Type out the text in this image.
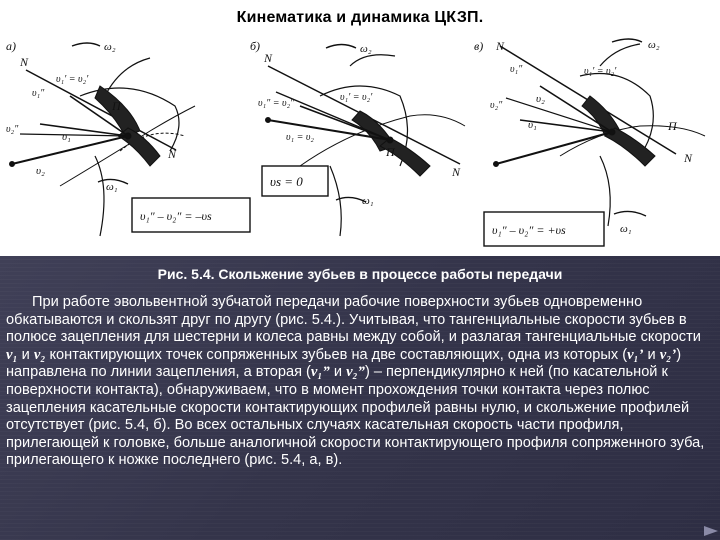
Кинематика и динамика ЦКЗП.
а)
N
N
ω₂
ω₁
П
υ₁
υ₂
υ₁′ = υ₂′
υ₁″
υ₂″
υ₁″ – υ₂″ = –υs
б)
N
N
ω₂
ω₁
П
υ₁ = υ₂
υ₁′ = υ₂′
υ₁″ = υ₂″
υs = 0
в) N
N
ω₂
ω₁
П
υ₁
υ₂
υ₁′ = υ₂′
υ₁″
υ₂″
υ₁″ – υ₂″ = +υs
Рис. 5.4. Скольжение зубьев в процессе работы передачи
При работе эвольвентной зубчатой передачи рабочие поверхности зубьев одновременно обкатываются и скользят друг по другу (рис. 5.4.). Учитывая, что тангенциальные скорости зубьев в полюсе зацепления для шестерни и колеса равны между собой, и разлагая тангенциальные скорости v₁ и v₂ контактирующих точек сопряженных зубьев на две составляющих, одна из которых (v₁’ и v₂’) направлена по линии зацепления, а вторая (v₁” и v₂”) – перпендикулярно к ней (по касательной к поверхности контакта), обнаруживаем, что в момент прохождения точки контакта через полюс зацепления касательные скорости контактирующих профилей равны нулю, и скольжение профилей отсутствует (рис. 5.4, б). Во всех остальных случаях касательная скорость части профиля, прилегающей к головке, больше аналогичной скорости контактирующего профиля сопряженного зуба, прилегающего к ножке последнего (рис. 5.4, а, в).
